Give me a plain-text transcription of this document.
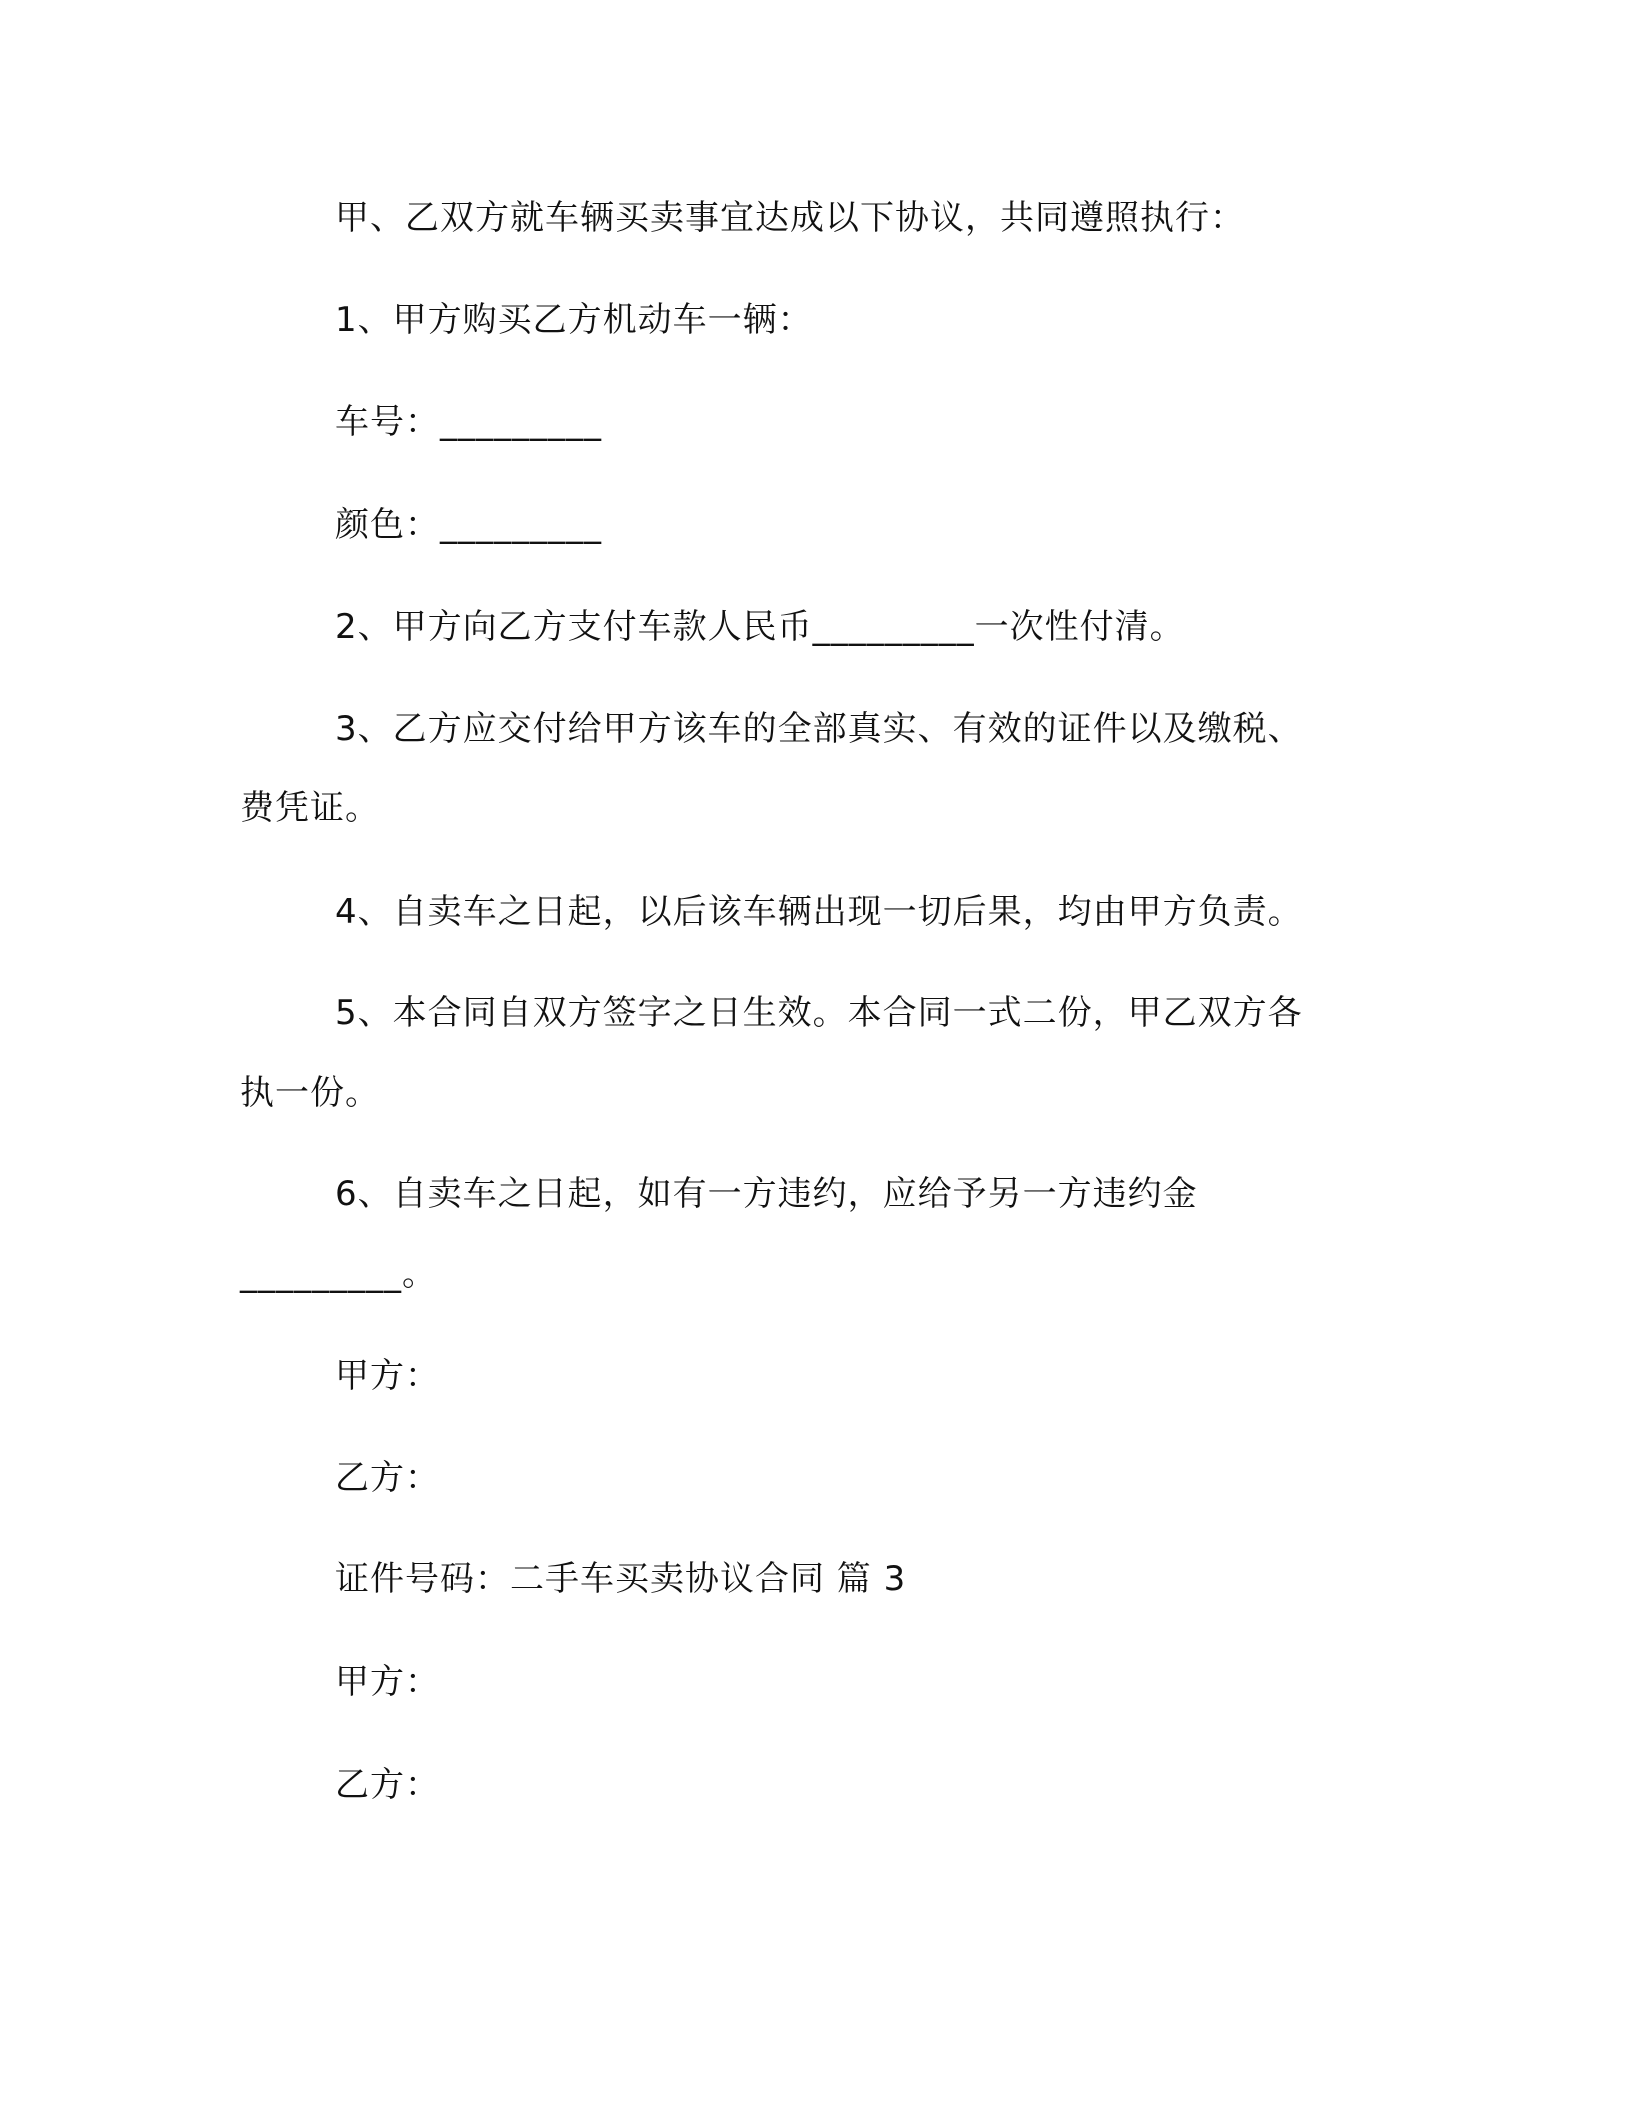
甲、乙双方就车辆买卖事宜达成以下协议，共同遵照执行：
1、甲方购买乙方机动车一辆：
车号：_________
颜色：_________
2、甲方向乙方支付车款人民币_________一次性付清。
3、乙方应交付给甲方该车的全部真实、有效的证件以及缴税、
费凭证。
4、自卖车之日起，以后该车辆出现一切后果，均由甲方负责。
5、本合同自双方签字之日生效。本合同一式二份，甲乙双方各
执一份。
6、自卖车之日起，如有一方违约，应给予另一方违约金
_________。
甲方：
乙方：
证件号码：二手车买卖协议合同 篇 3
甲方：
乙方：
